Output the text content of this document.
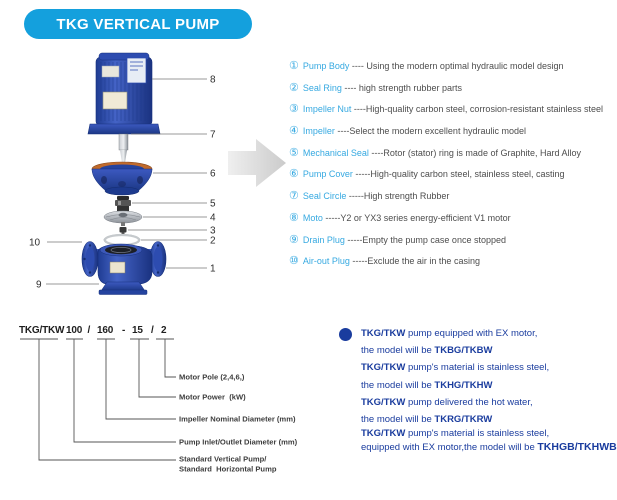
8
7
6
5
4
3
2
1
10
9
TKG/TKW 100 / 160 - 15 / 2
Motor Pole (2,4,6,)
Motor Power  (kW)
Impeller Nominal Diameter (mm)
Pump Inlet/Outlet Diameter (mm)
Standard Vertical Pump/
Standard  Horizontal Pump
TKG VERTICAL PUMP
① Pump Body ---- Using the modern optimal hydraulic model design
② Seal Ring ---- high strength rubber parts
③ Impeller Nut ----High-quality carbon steel, corrosion-resistant stainless steel
④ Impeller ----Select the modern excellent hydraulic model
⑤ Mechanical Seal ----Rotor (stator) ring is made of Graphite, Hard Alloy
⑥ Pump Cover -----High-quality carbon steel, stainless steel, casting
⑦ Seal Circle -----High strength Rubber
⑧ Moto -----Y2 or YX3 series energy-efficient V1 motor
⑨ Drain Plug -----Empty the pump case once stopped
⑩ Air-out Plug -----Exclude the air in the casing
TKG/TKW pump equipped with EX motor,
the model will be TKBG/TKBW
TKG/TKW pump's material is stainless steel,
the model will be TKHG/TKHW
TKG/TKW pump delivered the hot water,
the model will be TKRG/TKRW
TKG/TKW pump's material is stainless steel,
equipped with EX motor,the model will be TKHGB/TKHWB
